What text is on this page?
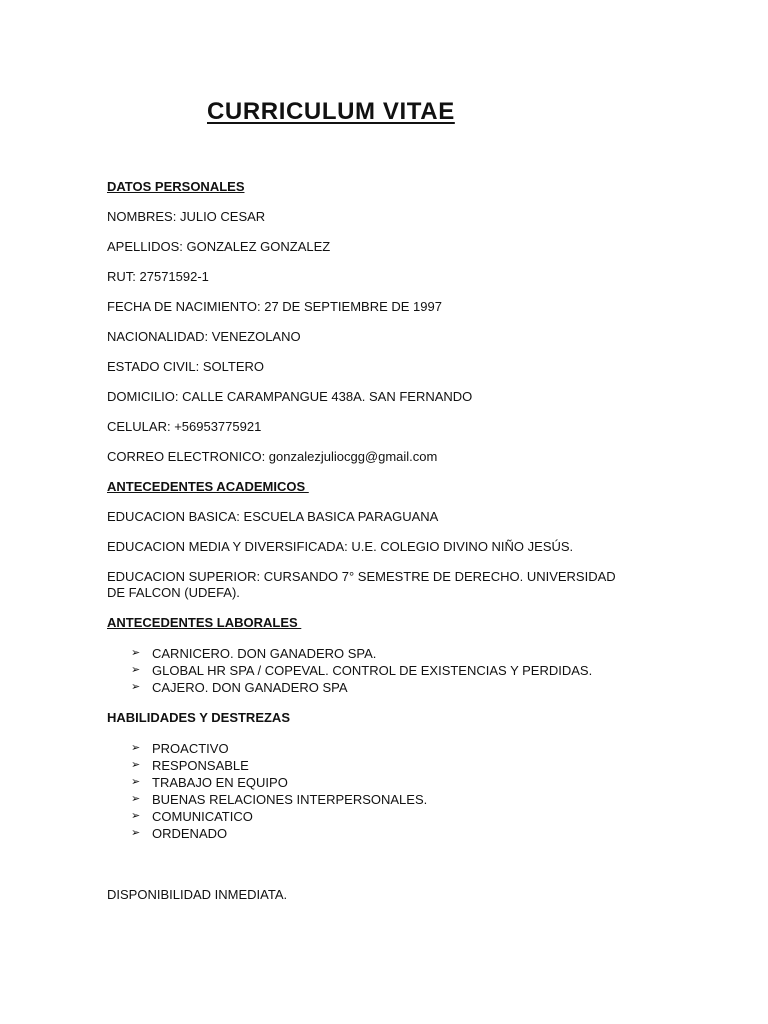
CURRICULUM VITAE

DATOS PERSONALES

NOMBRES: JULIO CESAR

APELLIDOS: GONZALEZ GONZALEZ

RUT: 27571592-1

FECHA DE NACIMIENTO: 27 DE SEPTIEMBRE DE 1997

NACIONALIDAD: VENEZOLANO

ESTADO CIVIL: SOLTERO

DOMICILIO: CALLE CARAMPANGUE 438A. SAN FERNANDO

CELULAR: +56953775921

CORREO ELECTRONICO: gonzalezjuliocgg@gmail.com

ANTECEDENTES ACADEMICOS

EDUCACION BASICA: ESCUELA BASICA PARAGUANA

EDUCACION MEDIA Y DIVERSIFICADA: U.E. COLEGIO DIVINO NIÑO JESÚS.

EDUCACION SUPERIOR: CURSANDO 7° SEMESTRE DE DERECHO. UNIVERSIDAD DE FALCON (UDEFA).

ANTECEDENTES LABORALES

➢ CARNICERO. DON GANADERO SPA.
➢ GLOBAL HR SPA / COPEVAL. CONTROL DE EXISTENCIAS Y PERDIDAS.
➢ CAJERO. DON GANADERO SPA

HABILIDADES Y DESTREZAS

➢ PROACTIVO
➢ RESPONSABLE
➢ TRABAJO EN EQUIPO
➢ BUENAS RELACIONES INTERPERSONALES.
➢ COMUNICATICO
➢ ORDENADO

DISPONIBILIDAD INMEDIATA.
